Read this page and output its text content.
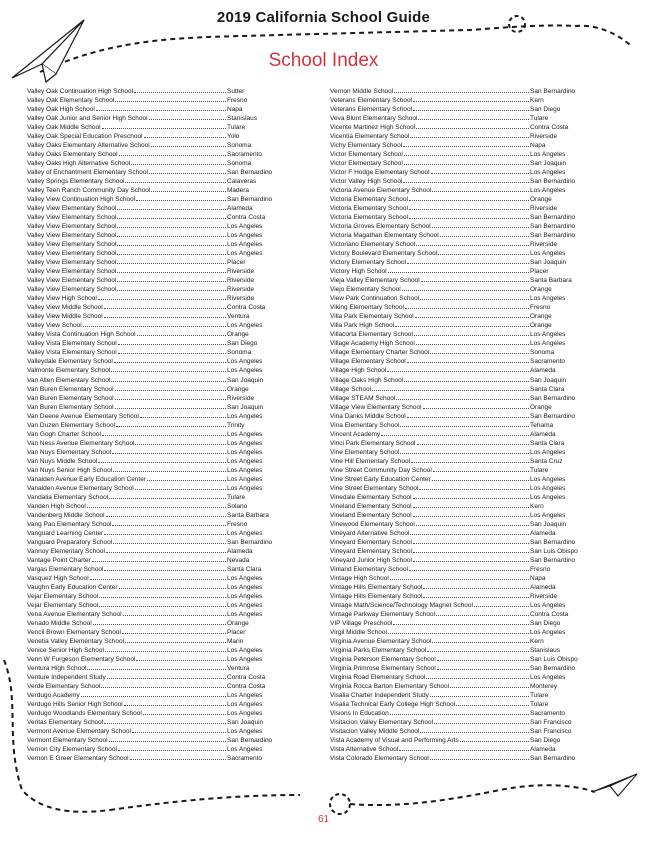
2019 California School Guide
School Index
Valley Oak Continuation High School	Sutter
Valley Oak Elementary School	Fresno
Valley Oak High School	Napa
Valley Oak Junior and Senior High School	Stanislaus
Valley Oak Middle School	Tulare
Valley Oak Special Education Preschool	Yolo
Valley Oaks Elementary Alternative School	Sonoma
Valley Oaks Elementary School	Sacramento
Valley Oaks High Alternative School	Sonoma
Valley of Enchantment Elementary School	San Bernardino
Valley Springs Elementary School	Calaveras
Valley Teen Ranch Community Day School	Madera
Valley View Continuation High School	San Bernardino
Valley View Elementary School	Alameda
Valley View Elementary School	Contra Costa
Valley View Elementary School	Los Angeles
Valley View Elementary School	Los Angeles
Valley View Elementary School	Los Angeles
Valley View Elementary School	Los Angeles
Valley View Elementary School	Placer
Valley View Elementary School	Riverside
Valley View Elementary School	Riverside
Valley View Elementary School	Riverside
Valley View High School	Riverside
Valley View Middle School	Contra Costa
Valley View Middle School	Ventura
Valley View School	Los Angeles
Valley Vista Continuation High School	Orange
Valley Vista Elementary School	San Diego
Valley Vista Elementary School	Sonoma
Valleydale Elementary School	Los Angeles
Valmonte Elementary School	Los Angeles
Van Allen Elementary School	San Joaquin
Van Buren Elementary School	Orange
Van Buren Elementary School	Riverside
Van Buren Elementary School	San Joaquin
Van Deene Avenue Elementary School	Los Angeles
Van Duzen Elementary School	Trinity
Van Gogh Charter School	Los Angeles
Van Ness Avenue Elementary School	Los Angeles
Van Nuys Elementary School	Los Angeles
Van Nuys Middle School	Los Angeles
Van Nuys Senior High School	Los Angeles
Vanalden Avenue Early Education Center	Los Angeles
Vanalden Avenue Elementary School	Los Angeles
Vandalia Elementary School	Tulare
Vanden High School	Solano
Vandenberg Middle School	Santa Barbara
Vang Pao Elementary School	Fresno
Vanguard Learning Center	Los Angeles
Vanguard Preparatory School	San Bernardino
Vannoy Elementary School	Alameda
Vantage Point Charter	Nevada
Vargas Elementary School	Santa Clara
Vasquez High School	Los Angeles
Vaughn Early Education Center	Los Angeles
Vejar Elementary School	Los Angeles
Vejar Elementary School	Los Angeles
Vena Avenue Elementary School	Los Angeles
Venado Middle School	Orange
Vencil Brown Elementary School	Placer
Venetia Valley Elementary School	Marin
Venice Senior High School	Los Angeles
Venn W Furgeson Elementary School	Los Angeles
Ventura High School	Ventura
Venture Independent Study	Contra Costa
Verde Elementary School	Contra Costa
Verdugo Academy	Los Angeles
Verdugo Hills Senior High School	Los Angeles
Verdugo Woodlands Elementary School	Los Angeles
Veritas Elementary School	San Joaquin
Vermont Avenue Elementary School	Los Angeles
Vermont Elementary School	San Bernardino
Vernon City Elementary School	Los Angeles
Vernon E Greer Elementary School	Sacramento
Vernon Middle School	San Bernardino
Veterans Elementary School	Kern
Veterans Elementary School	San Diego
Veva Blunt Elementary School	Tulare
Vicente Martinez High School	Contra Costa
Vicentia Elementary School	Riverside
Vichy Elementary School	Napa
Victor Elementary School	Los Angeles
Victor Elementary School	San Joaquin
Victor F Hodge Elementary School	Los Angeles
Victor Valley High School	San Bernardino
Victoria Avenue Elementary School	Los Angeles
Victoria Elementary School	Orange
Victoria Elementary School	Riverside
Victoria Elementary School	San Bernardino
Victoria Groves Elementary School	San Bernardino
Victoria Magathan Elementary School	San Bernardino
Victoriano Elementary School	Riverside
Victory Boulevard Elementary School	Los Angeles
Victory Elementary School	San Joaquin
Victory High School	Placer
Vieja Valley Elementary School	Santa Barbara
Viejo Elementary School	Orange
View Park Continuation School	Los Angeles
Viking Elementary School	Fresno
Villa Park Elementary School	Orange
Villa Park High School	Orange
Villacorta Elementary School	Los Angeles
Village Academy High School	Los Angeles
Village Elementary Charter School	Sonoma
Village Elementary School	Sacramento
Village High School	Alameda
Village Oaks High School	San Joaquin
Village School	Santa Clara
Village STEAM School	San Bernardino
Village View Elementary School	Orange
Vina Danks Middle School	San Bernardino
Vina Elementary School	Tehama
Vincent Academy	Alameda
Vinci Park Elementary School	Santa Clara
Vine Elementary School	Los Angeles
Vine Hill Elementary School	Santa Cruz
Vine Street Community Day School	Tulare
Vine Street Early Education Center	Los Angeles
Vine Street Elementary School	Los Angeles
Vinedale Elementary School	Los Angeles
Vineland Elementary School	Kern
Vineland Elementary School	Los Angeles
Vinewood Elementary School	San Joaquin
Vineyard Alternative School	Alameda
Vineyard Elementary School	San Bernardino
Vineyard Elementary School	San Luis Obispo
Vineyard Junior High School	San Bernardino
Vinland Elementary School	Fresno
Vintage High School	Napa
Vintage Hills Elementary School	Alameda
Vintage Hills Elementary School	Riverside
Vintage Math/Science/Technology Magnet School	Los Angeles
Vintage Parkway Elementary School	Contra Costa
VIP Village Preschool	San Diego
Virgil Middle School	Los Angeles
Virginia Avenue Elementary School	Kern
Virginia Parks Elementary School	Stanislaus
Virginia Peterson Elementary School	San Luis Obispo
Virginia Primrose Elementary School	San Bernardino
Virginia Road Elementary School	Los Angeles
Virginia Rocca Barton Elementary School	Monterey
Visalia Charter Independent Study	Tulare
Visalia Technical Early College High School	Tulare
Visions In Education	Sacramento
Visitacion Valley Elementary School	San Francisco
Visitacion Valley Middle School	San Francisco
Vista Academy of Visual and Performing Arts	San Diego
Vista Alternative School	Alameda
Vista Colorado Elementary School	San Bernardino
61
